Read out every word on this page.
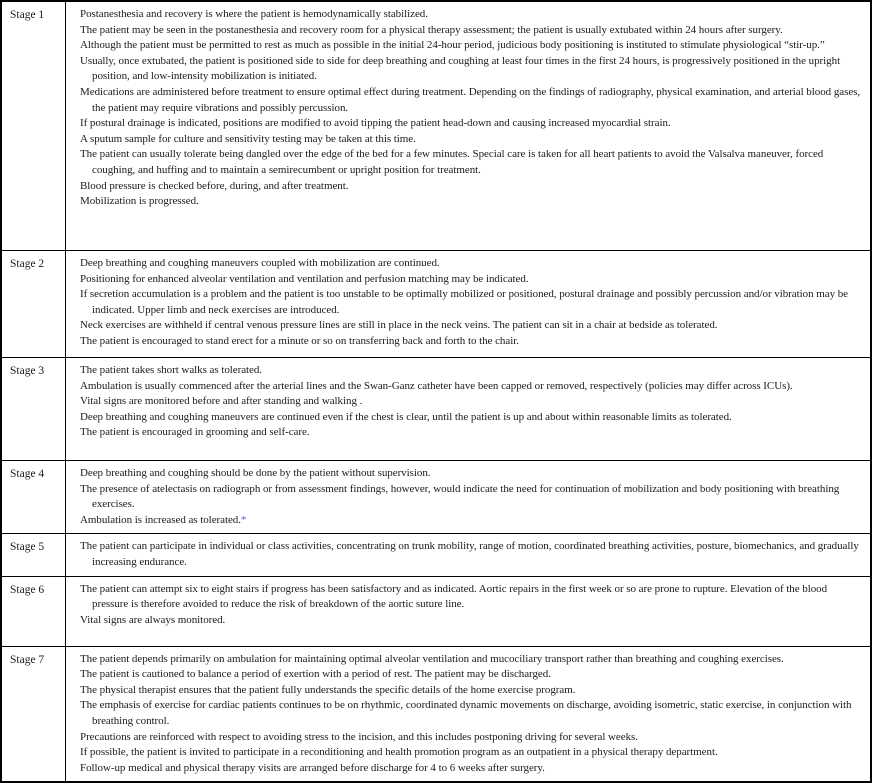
Stage 1	Postanesthesia and recovery is where the patient is hemodynamically stabilized.
The patient may be seen in the postanesthesia and recovery room for a physical therapy assessment; the patient is usually extubated within 24 hours after surgery.
Although the patient must be permitted to rest as much as possible in the initial 24-hour period, judicious body positioning is instituted to stimulate physiological “stir-up.”
Usually, once extubated, the patient is positioned side to side for deep breathing and coughing at least four times in the first 24 hours, is progressively positioned in the upright position, and low-intensity mobilization is initiated.
Medications are administered before treatment to ensure optimal effect during treatment. Depending on the findings of radiography, physical examination, and arterial blood gases, the patient may require vibrations and possibly percussion.
If postural drainage is indicated, positions are modified to avoid tipping the patient head-down and causing increased myocardial strain.
A sputum sample for culture and sensitivity testing may be taken at this time.
The patient can usually tolerate being dangled over the edge of the bed for a few minutes. Special care is taken for all heart patients to avoid the Valsalva maneuver, forced coughing, and huffing and to maintain a semirecumbent or upright position for treatment.
Blood pressure is checked before, during, and after treatment.
Mobilization is progressed.
Stage 2	Deep breathing and coughing maneuvers coupled with mobilization are continued.
Positioning for enhanced alveolar ventilation and ventilation and perfusion matching may be indicated.
If secretion accumulation is a problem and the patient is too unstable to be optimally mobilized or positioned, postural drainage and possibly percussion and/or vibration may be indicated. Upper limb and neck exercises are introduced.
Neck exercises are withheld if central venous pressure lines are still in place in the neck veins. The patient can sit in a chair at bedside as tolerated.
The patient is encouraged to stand erect for a minute or so on transferring back and forth to the chair.
Stage 3	The patient takes short walks as tolerated.
Ambulation is usually commenced after the arterial lines and the Swan-Ganz catheter have been capped or removed, respectively (policies may differ across ICUs).
Vital signs are monitored before and after standing and walking .
Deep breathing and coughing maneuvers are continued even if the chest is clear, until the patient is up and about within reasonable limits as tolerated.
The patient is encouraged in grooming and self-care.
Stage 4	Deep breathing and coughing should be done by the patient without supervision.
The presence of atelectasis on radiograph or from assessment findings, however, would indicate the need for continuation of mobilization and body positioning with breathing exercises.
Ambulation is increased as tolerated.*
Stage 5	The patient can participate in individual or class activities, concentrating on trunk mobility, range of motion, coordinated breathing activities, posture, biomechanics, and gradually increasing endurance.
Stage 6	The patient can attempt six to eight stairs if progress has been satisfactory and as indicated. Aortic repairs in the first week or so are prone to rupture. Elevation of the blood pressure is therefore avoided to reduce the risk of breakdown of the aortic suture line.
Vital signs are always monitored.
Stage 7	The patient depends primarily on ambulation for maintaining optimal alveolar ventilation and mucociliary transport rather than breathing and coughing exercises.
The patient is cautioned to balance a period of exertion with a period of rest. The patient may be discharged.
The physical therapist ensures that the patient fully understands the specific details of the home exercise program.
The emphasis of exercise for cardiac patients continues to be on rhythmic, coordinated dynamic movements on discharge, avoiding isometric, static exercise, in conjunction with breathing control.
Precautions are reinforced with respect to avoiding stress to the incision, and this includes postponing driving for several weeks.
If possible, the patient is invited to participate in a reconditioning and health promotion program as an outpatient in a physical therapy department.
Follow-up medical and physical therapy visits are arranged before discharge for 4 to 6 weeks after surgery.
